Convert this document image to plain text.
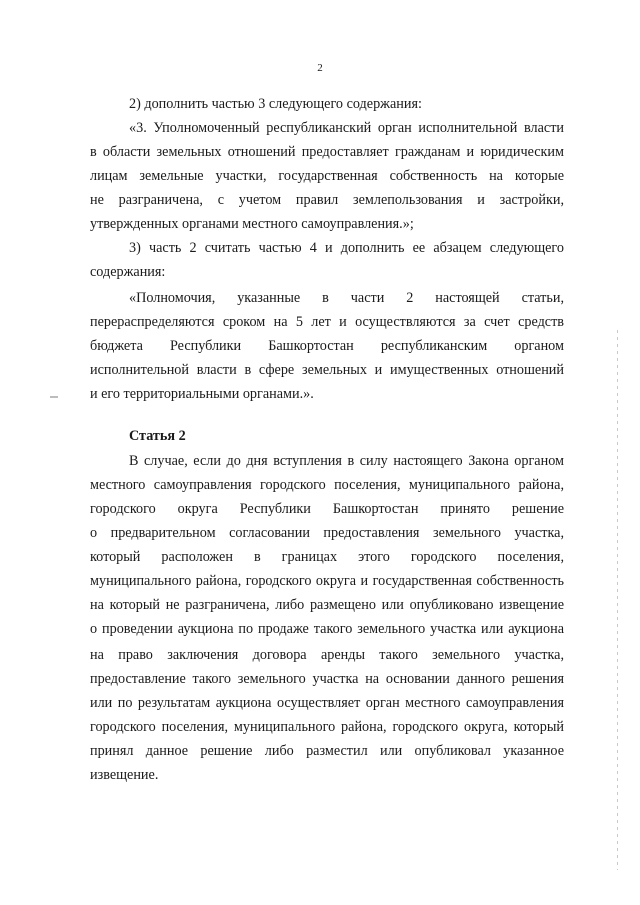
2
2) дополнить частью 3 следующего содержания:
«3. Уполномоченный республиканский орган исполнительной власти
в области земельных отношений предоставляет гражданам и юридическим
лицам земельные участки, государственная собственность на которые
не разграничена, с учетом правил землепользования и застройки,
утвержденных органами местного самоуправления.»;
3) часть 2 считать частью 4 и дополнить ее абзацем следующего
содержания:
«Полномочия, указанные в части 2 настоящей статьи,
перераспределяются сроком на 5 лет и осуществляются за счет средств
бюджета Республики Башкортостан республиканским органом
исполнительной власти в сфере земельных и имущественных отношений
и его территориальными органами.».
Статья 2
В случае, если до дня вступления в силу настоящего Закона органом
местного самоуправления городского поселения, муниципального района,
городского округа Республики Башкортостан принято решение
о предварительном согласовании предоставления земельного участка,
который расположен в границах этого городского поселения,
муниципального района, городского округа и государственная собственность
на который не разграничена, либо размещено или опубликовано извещение
о проведении аукциона по продаже такого земельного участка или аукциона
на право заключения договора аренды такого земельного участка,
предоставление такого земельного участка на основании данного решения
или по результатам аукциона осуществляет орган местного самоуправления
городского поселения, муниципального района, городского округа, который
принял данное решение либо разместил или опубликовал указанное
извещение.
